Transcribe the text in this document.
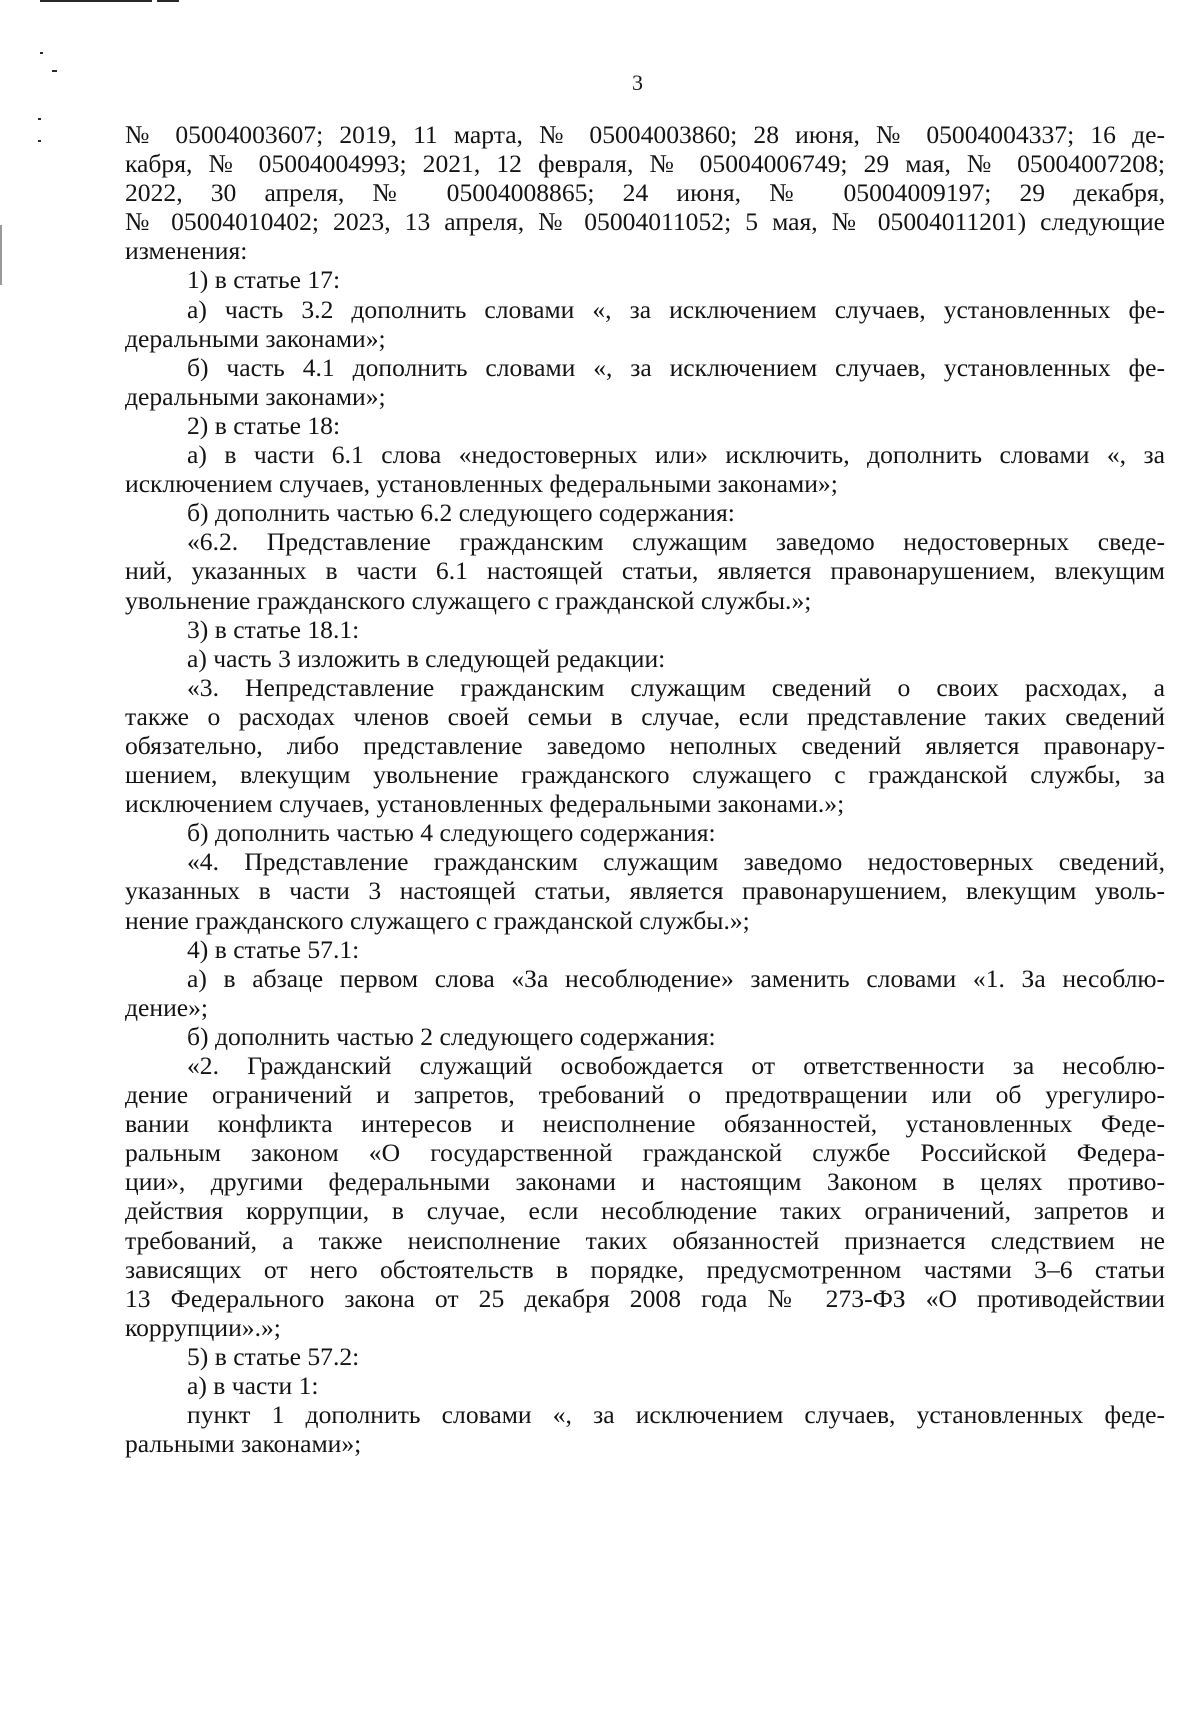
3
№ 05004003607; 2019, 11 марта, № 05004003860; 28 июня, № 05004004337; 16 де-
кабря, № 05004004993; 2021, 12 февраля, № 05004006749; 29 мая, № 05004007208;
2022, 30 апреля, № 05004008865; 24 июня, № 05004009197; 29 декабря,
№ 05004010402; 2023, 13 апреля, № 05004011052; 5 мая, № 05004011201) следующие
изменения:
1) в статье 17:
а) часть 3.2 дополнить словами «, за исключением случаев, установленных фе-
деральными законами»;
б) часть 4.1 дополнить словами «, за исключением случаев, установленных фе-
деральными законами»;
2) в статье 18:
а) в части 6.1 слова «недостоверных или» исключить, дополнить словами «, за
исключением случаев, установленных федеральными законами»;
б) дополнить частью 6.2 следующего содержания:
«6.2. Представление гражданским служащим заведомо недостоверных сведе-
ний, указанных в части 6.1 настоящей статьи, является правонарушением, влекущим
увольнение гражданского служащего с гражданской службы.»;
3) в статье 18.1:
а) часть 3 изложить в следующей редакции:
«3. Непредставление гражданским служащим сведений о своих расходах, а
также о расходах членов своей семьи в случае, если представление таких сведений
обязательно, либо представление заведомо неполных сведений является правонару-
шением, влекущим увольнение гражданского служащего с гражданской службы, за
исключением случаев, установленных федеральными законами.»;
б) дополнить частью 4 следующего содержания:
«4. Представление гражданским служащим заведомо недостоверных сведений,
указанных в части 3 настоящей статьи, является правонарушением, влекущим уволь-
нение гражданского служащего с гражданской службы.»;
4) в статье 57.1:
а) в абзаце первом слова «За несоблюдение» заменить словами «1. За несоблю-
дение»;
б) дополнить частью 2 следующего содержания:
«2. Гражданский служащий освобождается от ответственности за несоблю-
дение ограничений и запретов, требований о предотвращении или об урегулиро-
вании конфликта интересов и неисполнение обязанностей, установленных Феде-
ральным законом «О государственной гражданской службе Российской Федера-
ции», другими федеральными законами и настоящим Законом в целях противо-
действия коррупции, в случае, если несоблюдение таких ограничений, запретов и
требований, а также неисполнение таких обязанностей признается следствием не
зависящих от него обстоятельств в порядке, предусмотренном частями 3–6 статьи
13 Федерального закона от 25 декабря 2008 года № 273-ФЗ «О противодействии
коррупции».»;
5) в статье 57.2:
а) в части 1:
пункт 1 дополнить словами «, за исключением случаев, установленных феде-
ральными законами»;
